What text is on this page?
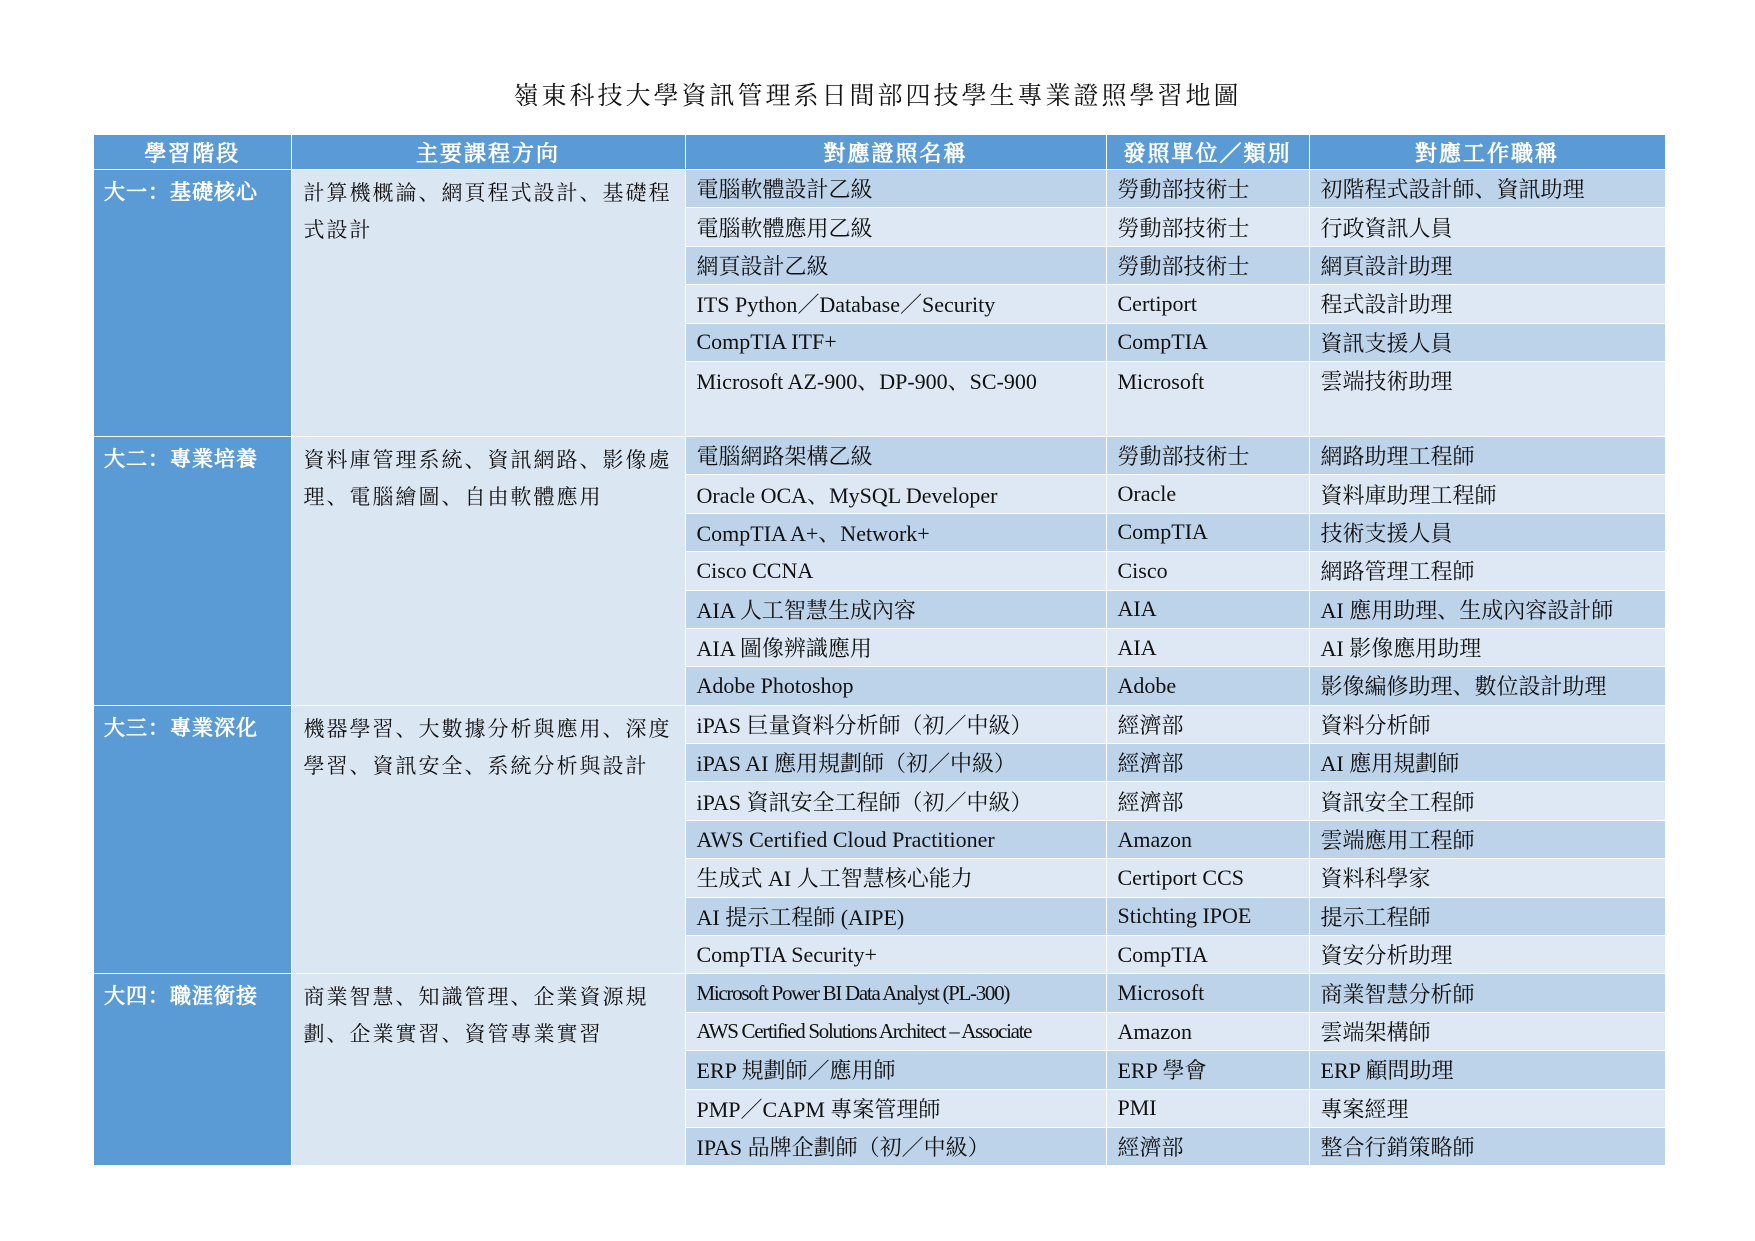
嶺東科技大學資訊管理系日間部四技學生專業證照學習地圖
學習階段	主要課程方向	對應證照名稱	發照單位／類別	對應工作職稱
大一：基礎核心	計算機概論、網頁程式設計、基礎程式設計	電腦軟體設計乙級	勞動部技術士	初階程式設計師、資訊助理
		電腦軟體應用乙級	勞動部技術士	行政資訊人員
		網頁設計乙級	勞動部技術士	網頁設計助理
		ITS Python／Database／Security	Certiport	程式設計助理
		CompTIA ITF+	CompTIA	資訊支援人員
		Microsoft AZ-900、DP-900、SC-900	Microsoft	雲端技術助理
大二：專業培養	資料庫管理系統、資訊網路、影像處理、電腦繪圖、自由軟體應用	電腦網路架構乙級	勞動部技術士	網路助理工程師
		Oracle OCA、MySQL Developer	Oracle	資料庫助理工程師
		CompTIA A+、Network+	CompTIA	技術支援人員
		Cisco CCNA	Cisco	網路管理工程師
		AIA 人工智慧生成內容	AIA	AI 應用助理、生成內容設計師
		AIA 圖像辨識應用	AIA	AI 影像應用助理
		Adobe Photoshop	Adobe	影像編修助理、數位設計助理
大三：專業深化	機器學習、大數據分析與應用、深度學習、資訊安全、系統分析與設計	iPAS 巨量資料分析師（初／中級）	經濟部	資料分析師
		iPAS AI 應用規劃師（初／中級）	經濟部	AI 應用規劃師
		iPAS 資訊安全工程師（初／中級）	經濟部	資訊安全工程師
		AWS Certified Cloud Practitioner	Amazon	雲端應用工程師
		生成式 AI 人工智慧核心能力	Certiport CCS	資料科學家
		AI 提示工程師 (AIPE)	Stichting IPOE	提示工程師
		CompTIA Security+	CompTIA	資安分析助理
大四：職涯銜接	商業智慧、知識管理、企業資源規劃、企業實習、資管專業實習	Microsoft Power BI Data Analyst (PL-300)	Microsoft	商業智慧分析師
		AWS Certified Solutions Architect – Associate	Amazon	雲端架構師
		ERP 規劃師／應用師	ERP 學會	ERP 顧問助理
		PMP／CAPM 專案管理師	PMI	專案經理
		IPAS 品牌企劃師（初／中級）	經濟部	整合行銷策略師
